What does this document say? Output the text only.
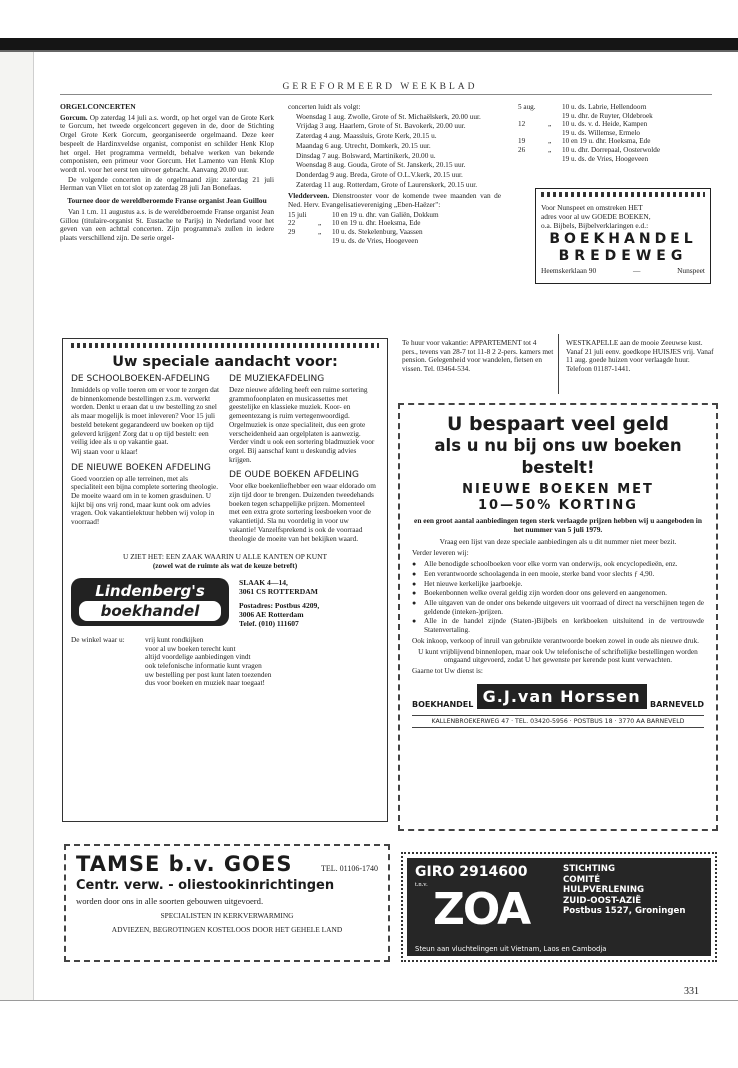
GEREFORMEERD WEEKBLAD
ORGELCONCERTEN

Gorcum. Op zaterdag 14 juli a.s. wordt, op het orgel van de Grote Kerk te Gorcum, het tweede orgelconcert gegeven in de, door de Stichting Orgel Grote Kerk Gorcum, georganiseerde orgelmaand. Deze keer bespeelt de Hardinxveldse organist, componist en schilder Henk Klop het orgel. Het programma vermeldt, behalve werken van bekende componisten, een primeur voor Gorcum. Het Lamento van Henk Klop wordt nl. voor het eerst ten uitvoer gebracht. Aanvang 20.00 uur.

De volgende concerten in de orgelmaand zijn: zaterdag 21 juli Herman van Vliet en tot slot op zaterdag 28 juli Jan Bonefaas.

Tournee door de wereldberoemde Franse organist Jean Guillou

Van 1 t.m. 11 augustus a.s. is de wereldberoemde Franse organist Jean Gillou (titulaire-organist St. Eustache te Parijs) in Nederland voor het geven van een achttal concerten. Zijn programma's zullen in iedere plaats verschillend zijn. De serie orgel-

concerten luidt als volgt:

Woensdag 1 aug. Zwolle, Grote of St. Michaëlskerk, 20.00 uur.

Vrijdag 3 aug. Haarlem, Grote of St. Bavokerk, 20.00 uur.

Zaterdag 4 aug. Maassluis, Grote Kerk, 20.15 u.

Maandag 6 aug. Utrecht, Domkerk, 20.15 uur.

Dinsdag 7 aug. Bolsward, Martinikerk, 20.00 u.

Woensdag 8 aug. Gouda, Grote of St. Janskerk, 20.15 uur.

Donderdag 9 aug. Breda, Grote of O.L.V.kerk, 20.15 uur.

Zaterdag 11 aug. Rotterdam, Grote of Laurenskerk, 20.15 uur.

Vledderveen. Dienstrooster voor de komende twee maanden van de Ned. Herv. Evangelisatievereniging „Eben-Haëzer":

15 juli	10 en 19 u. dhr. van Galiën, Dokkum
22	„	10 en 19 u. dhr. Hoeksma, Ede
29	„	10 u. ds. Stekelenburg, Vaassen
19 u. ds. de Vries, Hoogeveen
5 aug.	10 u. ds. Labrie, Hellendoorn
19 u. dhr. de Ruyter, Oldebroek
12	„	10 u. ds. v. d. Heide, Kampen
19 u. ds. Willemse, Ermelo
19	„	10 en 19 u. dhr. Hoeksma, Ede
26	„	10 u. dhr. Dorrepaal, Oosterwolde
19 u. ds. de Vries, Hoogeveen
Voor Nunspeet en omstreken HET
adres voor al uw GOEDE BOEKEN,
o.a. Bijbels, Bijbelverklaringen e.d.:
BOEKHANDEL
BREDEWEG
Heemskerklaan 90	—	Nunspeet
Uw speciale aandacht voor:
DE SCHOOLBOEKEN-AFDELING

Inmiddels op volle toeren om er voor te zorgen dat de binnenkomende bestellingen z.s.m. verwerkt worden. Denkt u eraan dat u uw bestelling zo snel als maar mogelijk is moet inleveren? Voor 15 juli besteld betekent gegarandeerd uw boeken op tijd geleverd krijgen! Zorg dat u op tijd bestelt: een veilig idee als u op vakantie gaat.

Wij staan voor u klaar!

DE NIEUWE BOEKEN AFDELING

Goed voorzien op alle terreinen, met als specialiteit een bijna complete sortering theologie. De moeite waard om in te komen grasduinen. U kijkt bij ons vrij rond, maar kunt ook om advies vragen. Ook vakantielektuur hebben wij volop in voorraad!

DE MUZIEKAFDELING

Deze nieuwe afdeling heeft een ruime sortering grammofoonplaten en musicassettes met geestelijke en klassieke muziek. Koor- en gemeentezang is ruim vertegenwoordigd. Orgelmuziek is onze specialiteit, dus een grote verscheidenheid aan orgelplaten is aanwezig. Verder vindt u ook een sortering bladmuziek voor orgel. Bij aanschaf kunt u deskundig advies krijgen.

DE OUDE BOEKEN AFDELING

Voor elke boekenliefhebber een waar eldorado om zijn tijd door te brengen. Duizenden tweedehands boeken tegen schappelijke prijzen. Momenteel met een extra grote sortering leesboeken voor de vakantietijd. Sla nu voordelig in voor uw vakantie! Vanzelfsprekend is ook de voorraad theologie de moeite van het bekijken waard.

U ZIET HET: EEN ZAAK WAARIN U ALLE KANTEN OP KUNT
(zowel wat de ruimte als wat de keuze betreft)
Lindenberg's
boekhandel
SLAAK 4—14,
3061 CS ROTTERDAM
Postadres: Postbus 4209,
3006 AE Rotterdam
Telef. (010) 111607
De winkel waar u:	vrij kunt rondkijken
voor al uw boeken terecht kunt
altijd voordelige aanbiedingen vindt
ook telefonische informatie kunt vragen
uw bestelling per post kunt laten toezenden
dus voor boeken en muziek naar toegaat!
Te huur voor vakantie: APPARTEMENT tot 4 pers., tevens van 28-7 tot 11-8 2 2-pers. kamers met pension. Gelegenheid voor wandelen, fietsen en vissen. Tel. 03464-534.
WESTKAPELLE aan de mooie Zeeuwse kust. Vanaf 21 juli eenv. goedkope HUISJES vrij. Vanaf 11 aug. goede huizen voor verlaagde huur. Telefoon 01187-1441.
U bespaart veel geld
als u nu bij ons uw boeken bestelt!
NIEUWE BOEKEN MET
10—50% KORTING
en een groot aantal aanbiedingen tegen sterk verlaagde prijzen hebben wij u aangeboden in het nummer van 5 juli 1979.
Vraag een lijst van deze speciale aanbiedingen als u dit nummer niet meer bezit.
Verder leveren wij:
● Alle benodigde schoolboeken voor elke vorm van onderwijs, ook encyclopedieën, enz.
● Een verantwoorde schoolagenda in een mooie, sterke band voor slechts ƒ 4,90.
● Het nieuwe kerkelijke jaarboekje.
● Boekenbonnen welke overal geldig zijn worden door ons geleverd en aangenomen.
● Alle uitgaven van de onder ons bekende uitgevers uit voorraad of direct na verschijnen tegen de geldende (inteken-)prijzen.
● Alle in de handel zijnde (Staten-)Bijbels en kerkboeken uitsluitend in de vertrouwde Statenvertaling.
Ook inkoop, verkoop of inruil van gebruikte verantwoorde boeken zowel in oude als nieuwe druk.
U kunt vrijblijvend binnenlopen, maar ook Uw telefonische of schriftelijke bestellingen worden omgaand uitgevoerd, zodat U het gewenste per kerende post kunt verwachten.
Gaarne tot Uw dienst is:
BOEKHANDEL G.J.van Horssen	BARNEVELD
KALLENBROEKERWEG 47 · TEL. 03420-5956 · POSTBUS 18 · 3770 AA BARNEVELD
TAMSE b.v. GOES	TEL. 01106-1740
Centr. verw. - oliestookinrichtingen
worden door ons in alle soorten gebouwen uitgevoerd.
SPECIALISTEN IN KERKVERWARMING
ADVIEZEN, BEGROTINGEN KOSTELOOS DOOR HET GEHELE LAND
GIRO 2914600
t.n.v. ZOA
STICHTING
COMITÉ
HULPVERLENING
ZUID-OOST-AZIË
Postbus 1527, Groningen
Steun aan vluchtelingen uit Vietnam, Laos en Cambodja
331
